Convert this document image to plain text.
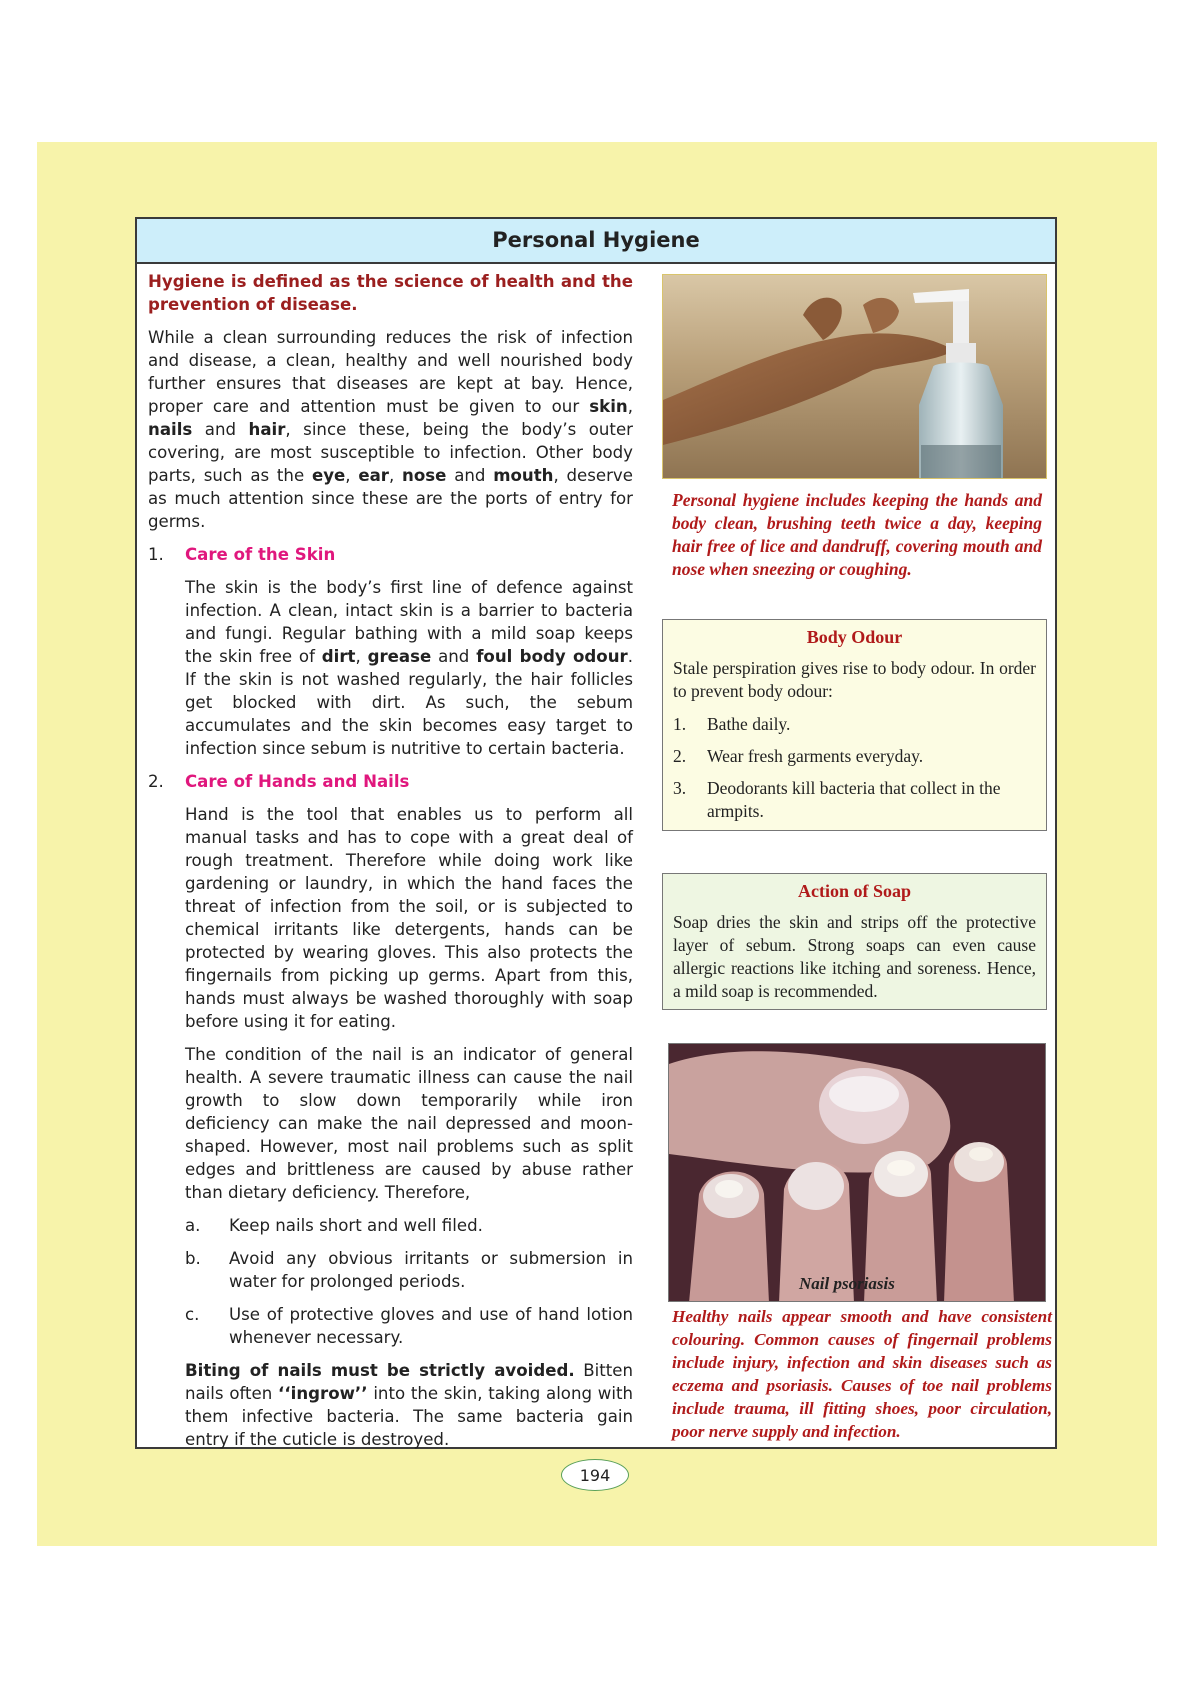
Personal Hygiene

Hygiene is defined as the science of health and the prevention of disease.

While a clean surrounding reduces the risk of infection and disease, a clean, healthy and well nourished body further ensures that diseases are kept at bay. Hence, proper care and attention must be given to our skin, nails and hair, since these, being the body’s outer covering, are most susceptible to infection. Other body parts, such as the eye, ear, nose and mouth, deserve as much attention since these are the ports of entry for germs.

1.	Care of the Skin

The skin is the body’s first line of defence against infection. A clean, intact skin is a barrier to bacteria and fungi. Regular bathing with a mild soap keeps the skin free of dirt, grease and foul body odour. If the skin is not washed regularly, the hair follicles get blocked with dirt. As such, the sebum accumulates and the skin becomes easy target to infection since sebum is nutritive to certain bacteria.

2.	Care of Hands and Nails

Hand is the tool that enables us to perform all manual tasks and has to cope with a great deal of rough treatment. Therefore while doing work like gardening or laundry, in which the hand faces the threat of infection from the soil, or is subjected to chemical irritants like detergents, hands can be protected by wearing gloves. This also protects the fingernails from picking up germs. Apart from this, hands must always be washed thoroughly with soap before using it for eating.

The condition of the nail is an indicator of general health. A severe traumatic illness can cause the nail growth to slow down temporarily while iron deficiency can make the nail depressed and moon-shaped. However, most nail problems such as split edges and brittleness are caused by abuse rather than dietary deficiency. Therefore,

a.	Keep nails short and well filed.
b.	Avoid any obvious irritants or submersion in water for prolonged periods.
c.	Use of protective gloves and use of hand lotion whenever necessary.

Biting of nails must be strictly avoided. Bitten nails often ‘‘ingrow’’ into the skin, taking along with them infective bacteria. The same bacteria gain entry if the cuticle is destroyed.

Personal hygiene includes keeping the hands and body clean, brushing teeth twice a day, keeping hair free of lice and dandruff, covering mouth and nose when sneezing or coughing.
Body Odour

Stale perspiration gives rise to body odour. In order to prevent body odour:

1.	Bathe daily.
2.	Wear fresh garments everyday.
3.	Deodorants kill bacteria that collect in the armpits.
Action of Soap

Soap dries the skin and strips off the protective layer of sebum. Strong soaps can even cause allergic reactions like itching and soreness. Hence, a mild soap is recommended.

Nail psoriasis
Healthy nails appear smooth and have consistent colouring. Common causes of fingernail problems include injury, infection and skin diseases such as eczema and psoriasis. Causes of toe nail problems include trauma, ill fitting shoes, poor circulation, poor nerve supply and infection.
194
